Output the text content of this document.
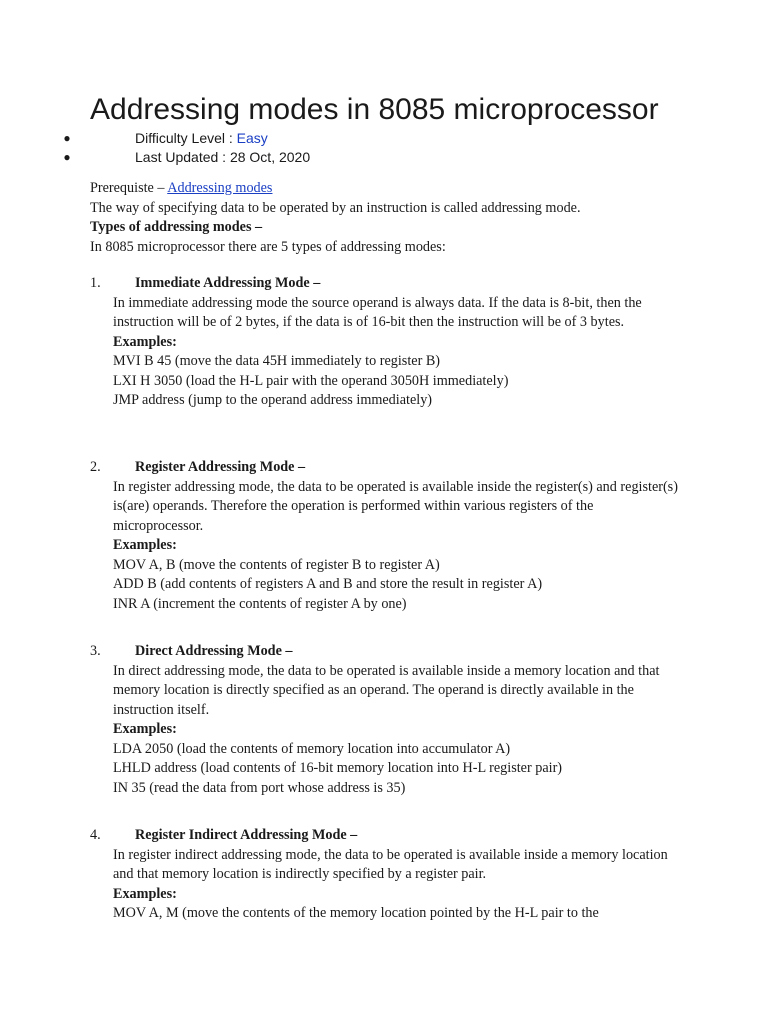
Addressing modes in 8085 microprocessor
●	Difficulty Level : Easy
●	Last Updated : 28 Oct, 2020

Prerequiste – Addressing modes

The way of specifying data to be operated by an instruction is called addressing mode.

Types of addressing modes –

In 8085 microprocessor there are 5 types of addressing modes:

1. Immediate Addressing Mode –

In immediate addressing mode the source operand is always data. If the data is 8-bit, then the instruction will be of 2 bytes, if the data is of 16-bit then the instruction will be of 3 bytes.

Examples:

MVI B 45 (move the data 45H immediately to register B)

LXI H 3050 (load the H-L pair with the operand 3050H immediately)

JMP address (jump to the operand address immediately)

2. Register Addressing Mode –

In register addressing mode, the data to be operated is available inside the register(s) and register(s) is(are) operands. Therefore the operation is performed within various registers of the microprocessor.

Examples:

MOV A, B (move the contents of register B to register A)

ADD B (add contents of registers A and B and store the result in register A)

INR A (increment the contents of register A by one)

3. Direct Addressing Mode –

In direct addressing mode, the data to be operated is available inside a memory location and that memory location is directly specified as an operand. The operand is directly available in the instruction itself.

Examples:

LDA 2050 (load the contents of memory location into accumulator A)

LHLD address (load contents of 16-bit memory location into H-L register pair)

IN 35 (read the data from port whose address is 35)

4. Register Indirect Addressing Mode –

In register indirect addressing mode, the data to be operated is available inside a memory location and that memory location is indirectly specified by a register pair.

Examples:

MOV A, M (move the contents of the memory location pointed by the H-L pair to the
